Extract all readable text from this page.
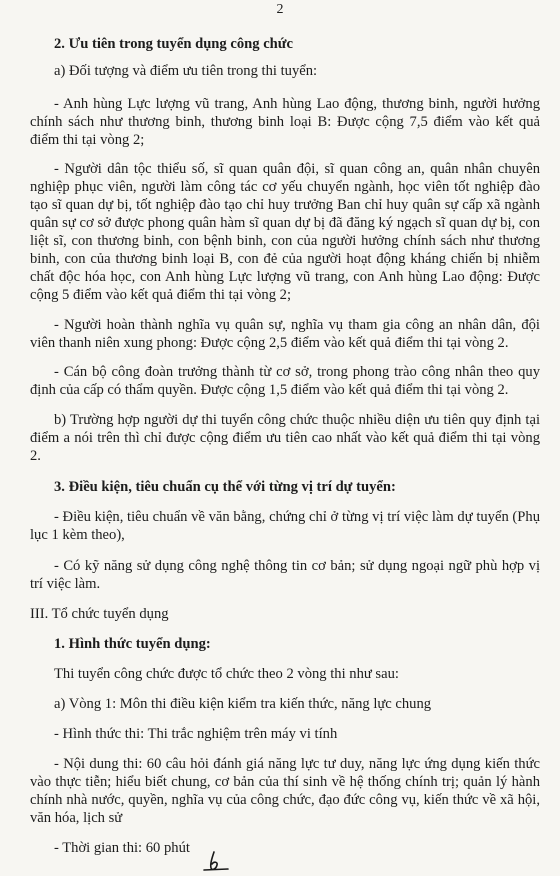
2
2. Ưu tiên trong tuyển dụng công chức
a) Đối tượng và điểm ưu tiên trong thi tuyển:
- Anh hùng Lực lượng vũ trang, Anh hùng Lao động, thương binh, người hưởng chính sách như thương binh, thương binh loại B: Được cộng 7,5 điểm vào kết quả điểm thi tại vòng 2;
- Người dân tộc thiểu số, sĩ quan quân đội, sĩ quan công an, quân nhân chuyên nghiệp phục viên, người làm công tác cơ yếu chuyển ngành, học viên tốt nghiệp đào tạo sĩ quan dự bị, tốt nghiệp đào tạo chỉ huy trưởng Ban chỉ huy quân sự cấp xã ngành quân sự cơ sở được phong quân hàm sĩ quan dự bị đã đăng ký ngạch sĩ quan dự bị, con liệt sĩ, con thương binh, con bệnh binh, con của người hưởng chính sách như thương binh, con của thương binh loại B, con đẻ của người hoạt động kháng chiến bị nhiễm chất độc hóa học, con Anh hùng Lực lượng vũ trang, con Anh hùng Lao động: Được cộng 5 điểm vào kết quả điểm thi tại vòng 2;
- Người hoàn thành nghĩa vụ quân sự, nghĩa vụ tham gia công an nhân dân, đội viên thanh niên xung phong: Được cộng 2,5 điểm vào kết quả điểm thi tại vòng 2.
- Cán bộ công đoàn trưởng thành từ cơ sở, trong phong trào công nhân theo quy định của cấp có thẩm quyền. Được cộng 1,5 điểm vào kết quả điểm thi tại vòng 2.
b) Trường hợp người dự thi tuyển công chức thuộc nhiều diện ưu tiên quy định tại điểm a nói trên thì chỉ được cộng điểm ưu tiên cao nhất vào kết quả điểm thi tại vòng 2.
3. Điều kiện, tiêu chuẩn cụ thể với từng vị trí dự tuyển:
- Điều kiện, tiêu chuẩn về văn bằng, chứng chỉ ở từng vị trí việc làm dự tuyển (Phụ lục 1 kèm theo),
- Có kỹ năng sử dụng công nghệ thông tin cơ bản; sử dụng ngoại ngữ phù hợp vị trí việc làm.
III. Tổ chức tuyển dụng
1. Hình thức tuyển dụng:
Thi tuyển công chức được tổ chức theo 2 vòng thi như sau:
a) Vòng 1: Môn thi điều kiện kiểm tra kiến thức, năng lực chung
- Hình thức thi: Thi trắc nghiệm trên máy vi tính
- Nội dung thi: 60 câu hỏi đánh giá năng lực tư duy, năng lực ứng dụng kiến thức vào thực tiễn; hiểu biết chung, cơ bản của thí sinh về hệ thống chính trị; quản lý hành chính nhà nước, quyền, nghĩa vụ của công chức, đạo đức công vụ, kiến thức về xã hội, văn hóa, lịch sử
- Thời gian thi: 60 phút
